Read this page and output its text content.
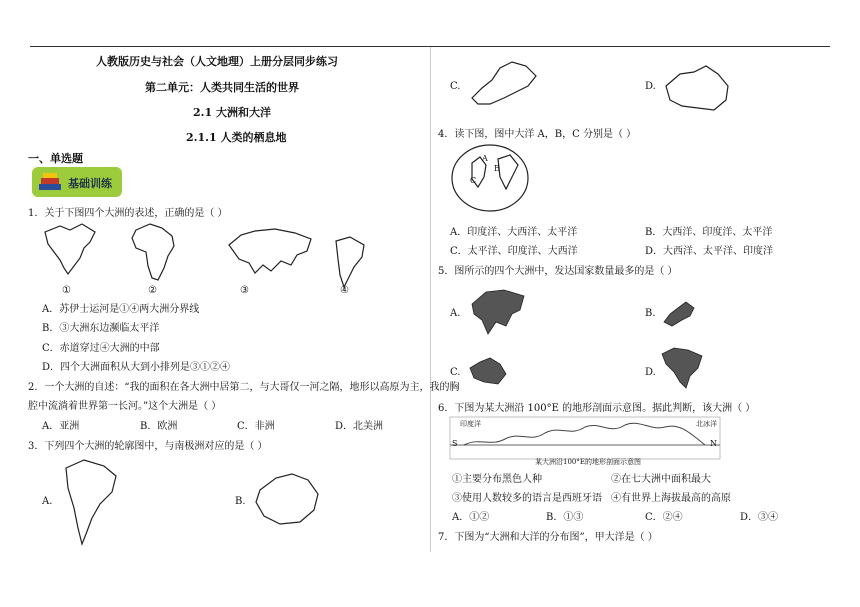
人教版历史与社会（人文地理）上册分层同步练习
第二单元：人类共同生活的世界
2.1 大洲和大洋
2.1.1 人类的栖息地
一、单选题
基础训练
1．关于下图四个大洲的表述，正确的是（ ）
①	②	③	④
A．苏伊士运河是①④两大洲分界线
B．③大洲东边濒临太平洋
C．赤道穿过④大洲的中部
D．四个大洲面积从大到小排列是③①②④
2．一个大洲的自述：“我的面积在各大洲中居第二，与大哥仅一河之隔，地形以高原为主，我的胸
腔中流淌着世界第一长河。”这个大洲是（ ）
A．亚洲	B．欧洲	C．非洲	D．北美洲
3．下列四个大洲的轮廓图中，与南极洲对应的是（ ）
A.	B.
C.	D.
4．读下图，图中大洋 A，B，C 分别是（ ）
A
B
C
A．印度洋、大西洋、太平洋	B．大西洋、印度洋、太平洋
C．太平洋、印度洋、大西洋	D．大西洋、太平洋、印度洋
5．图所示的四个大洲中，发达国家数量最多的是（ ）
A.	B.
C.	D.
6．下图为某大洲沿 100°E 的地形剖面示意图。据此判断，该大洲（ ）
印度洋
S
北冰洋
N
某大洲沿100°E的地形剖面示意图
①主要分布黑色人种	②在七大洲中面积最大
③使用人数较多的语言是西班牙语 ④有世界上海拔最高的高原
A．①②	B．①③	C．②④	D．③④
7．下图为“大洲和大洋的分布图”，甲大洋是（ ）
